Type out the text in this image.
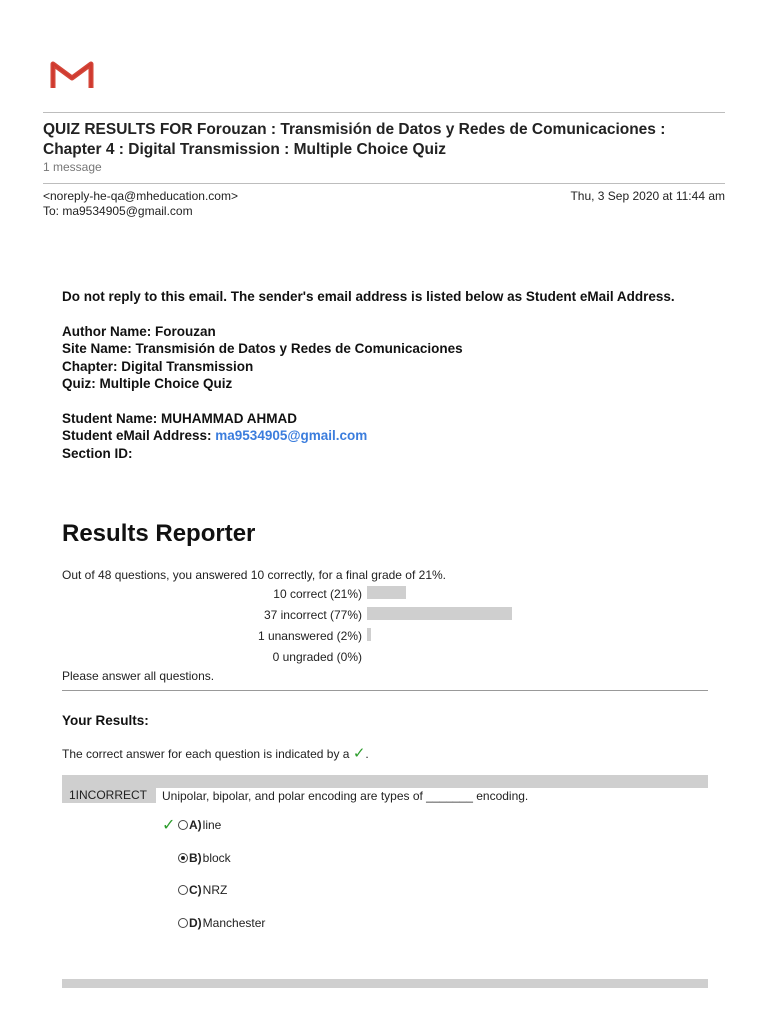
QUIZ RESULTS FOR Forouzan : Transmisión de Datos y Redes de Comunicaciones : Chapter 4 : Digital Transmission : Multiple Choice Quiz
1 message
<noreply-he-qa@mheducation.com>
To: ma9534905@gmail.com
Thu, 3 Sep 2020 at 11:44 am
Do not reply to this email. The sender's email address is listed below as Student eMail Address.
Author Name: Forouzan
Site Name: Transmisión de Datos y Redes de Comunicaciones
Chapter: Digital Transmission
Quiz: Multiple Choice Quiz
Student Name: MUHAMMAD AHMAD
Student eMail Address: ma9534905@gmail.com
Section ID:
Results Reporter
Out of 48 questions, you answered 10 correctly, for a final grade of 21%.
10 correct (21%)
37 incorrect (77%)
1 unanswered (2%)
0 ungraded (0%)
Please answer all questions.
Your Results:
The correct answer for each question is indicated by a ✓.
1INCORRECT	Unipolar, bipolar, and polar encoding are types of _______ encoding.
✓ A) line
B) block
C) NRZ
D) Manchester
